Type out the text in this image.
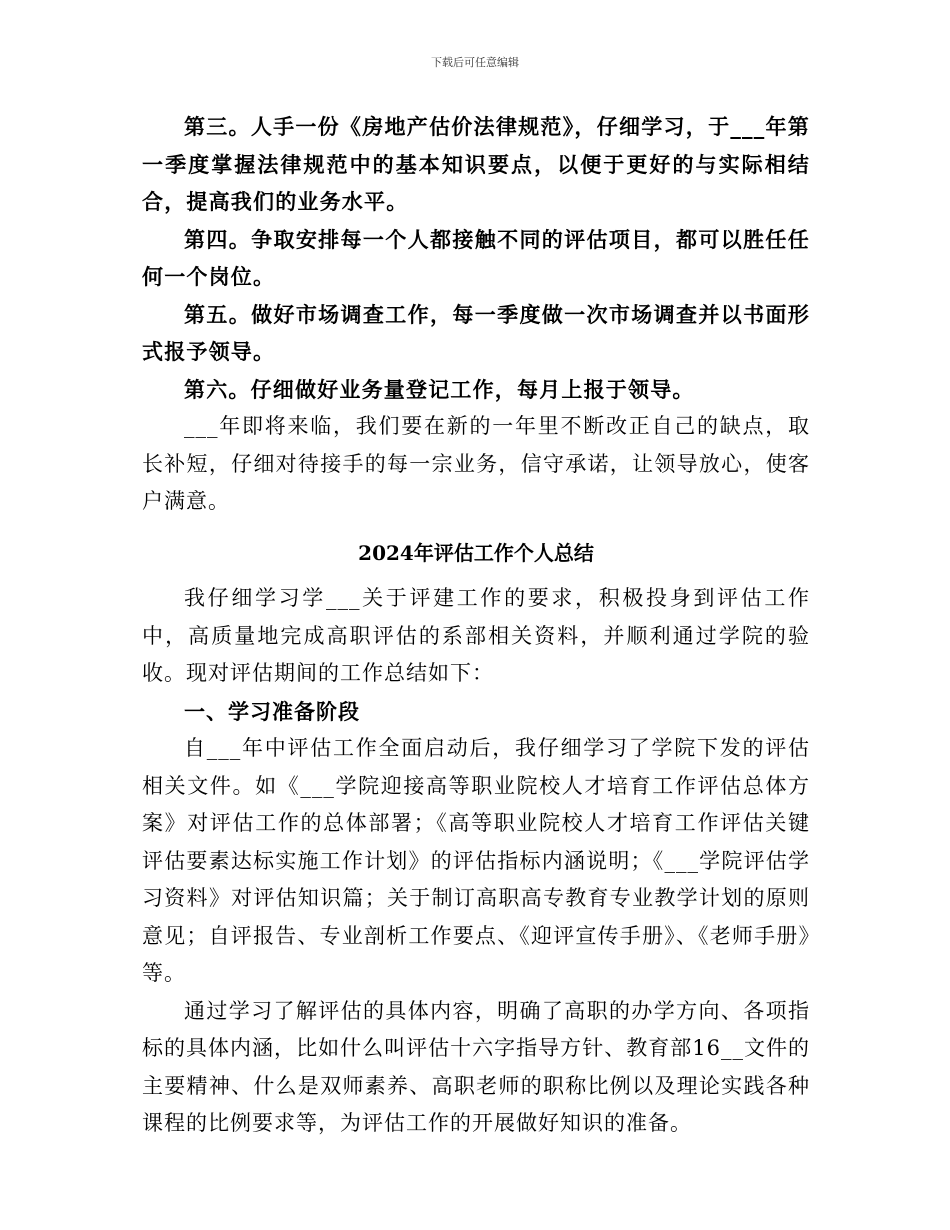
下载后可任意编辑

第三。人手一份《房地产估价法律规范》，仔细学习，于___年第一季度掌握法律规范中的基本知识要点，以便于更好的与实际相结合，提高我们的业务水平。

第四。争取安排每一个人都接触不同的评估项目，都可以胜任任何一个岗位。

第五。做好市场调查工作，每一季度做一次市场调查并以书面形式报予领导。

第六。仔细做好业务量登记工作，每月上报于领导。

___年即将来临，我们要在新的一年里不断改正自己的缺点，取长补短，仔细对待接手的每一宗业务，信守承诺，让领导放心，使客户满意。

2024年评估工作个人总结

我仔细学习学___关于评建工作的要求，积极投身到评估工作中，高质量地完成高职评估的系部相关资料，并顺利通过学院的验收。现对评估期间的工作总结如下：

一、学习准备阶段

自___年中评估工作全面启动后，我仔细学习了学院下发的评估相关文件。如《___学院迎接高等职业院校人才培育工作评估总体方案》对评估工作的总体部署；《高等职业院校人才培育工作评估关键评估要素达标实施工作计划》的评估指标内涵说明；《___学院评估学习资料》对评估知识篇；关于制订高职高专教育专业教学计划的原则意见；自评报告、专业剖析工作要点、《迎评宣传手册》、《老师手册》等。

通过学习了解评估的具体内容，明确了高职的办学方向、各项指标的具体内涵，比如什么叫评估十六字指导方针、教育部16__文件的主要精神、什么是双师素养、高职老师的职称比例以及理论实践各种课程的比例要求等，为评估工作的开展做好知识的准备。
